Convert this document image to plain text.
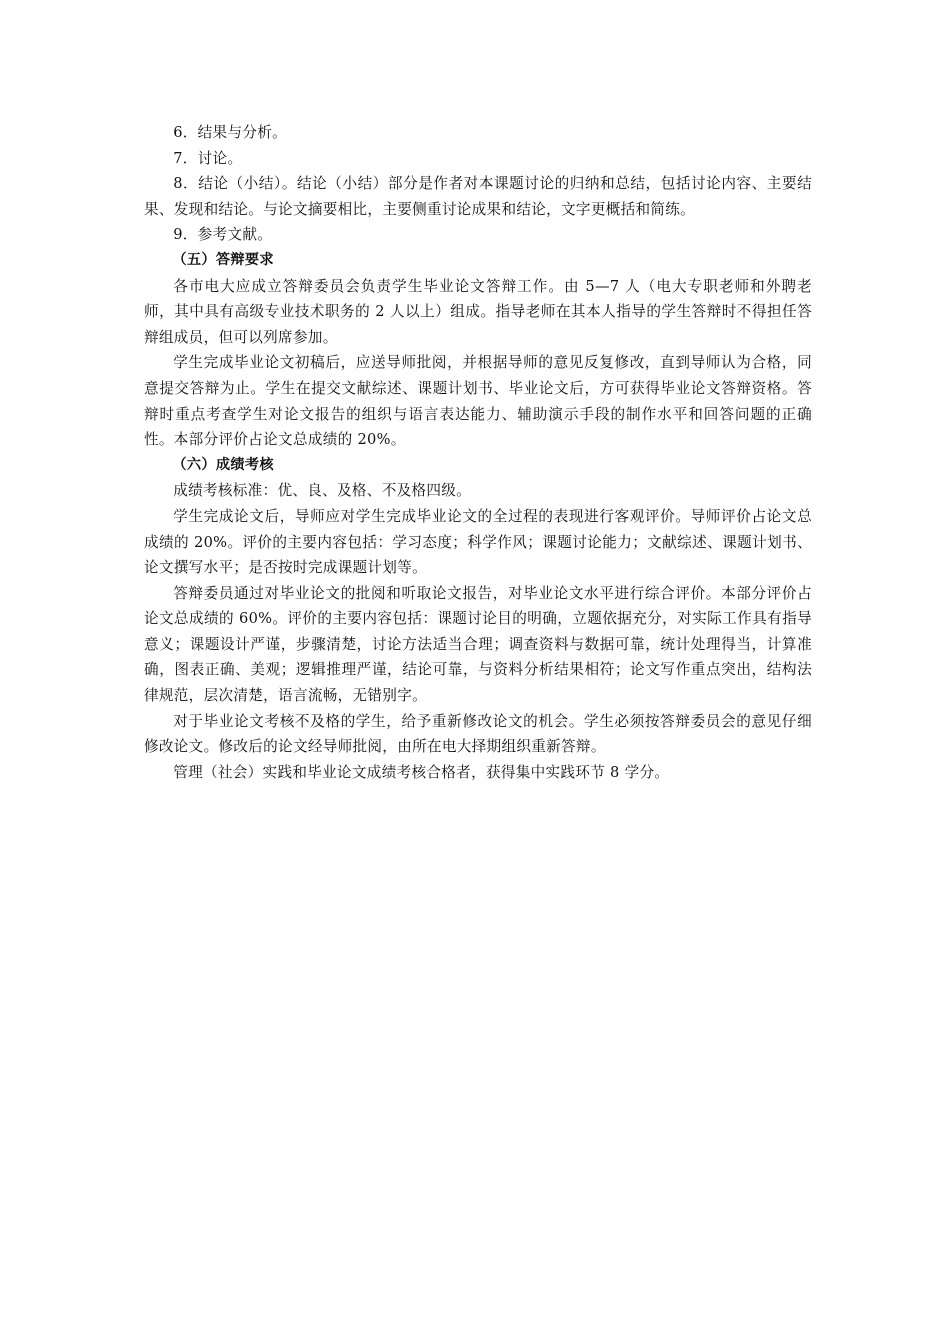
6．结果与分析。

7．讨论。

8．结论（小结）。结论（小结）部分是作者对本课题讨论的归纳和总结，包括讨论内容、主要结果、发现和结论。与论文摘要相比，主要侧重讨论成果和结论，文字更概括和简练。

9．参考文献。

（五）答辩要求

各市电大应成立答辩委员会负责学生毕业论文答辩工作。由 5—7 人（电大专职老师和外聘老师，其中具有高级专业技术职务的 2 人以上）组成。指导老师在其本人指导的学生答辩时不得担任答辩组成员，但可以列席参加。

学生完成毕业论文初稿后，应送导师批阅，并根据导师的意见反复修改，直到导师认为合格，同意提交答辩为止。学生在提交文献综述、课题计划书、毕业论文后，方可获得毕业论文答辩资格。答辩时重点考查学生对论文报告的组织与语言表达能力、辅助演示手段的制作水平和回答问题的正确性。本部分评价占论文总成绩的 20%。

（六）成绩考核

成绩考核标准：优、良、及格、不及格四级。

学生完成论文后，导师应对学生完成毕业论文的全过程的表现进行客观评价。导师评价占论文总成绩的 20%。评价的主要内容包括：学习态度；科学作风；课题讨论能力；文献综述、课题计划书、论文撰写水平；是否按时完成课题计划等。

答辩委员通过对毕业论文的批阅和听取论文报告，对毕业论文水平进行综合评价。本部分评价占论文总成绩的 60%。评价的主要内容包括：课题讨论目的明确，立题依据充分，对实际工作具有指导意义；课题设计严谨，步骤清楚，讨论方法适当合理；调查资料与数据可靠，统计处理得当，计算准确，图表正确、美观；逻辑推理严谨，结论可靠，与资料分析结果相符；论文写作重点突出，结构法律规范，层次清楚，语言流畅，无错别字。

对于毕业论文考核不及格的学生，给予重新修改论文的机会。学生必须按答辩委员会的意见仔细修改论文。修改后的论文经导师批阅，由所在电大择期组织重新答辩。

管理（社会）实践和毕业论文成绩考核合格者，获得集中实践环节 8 学分。
